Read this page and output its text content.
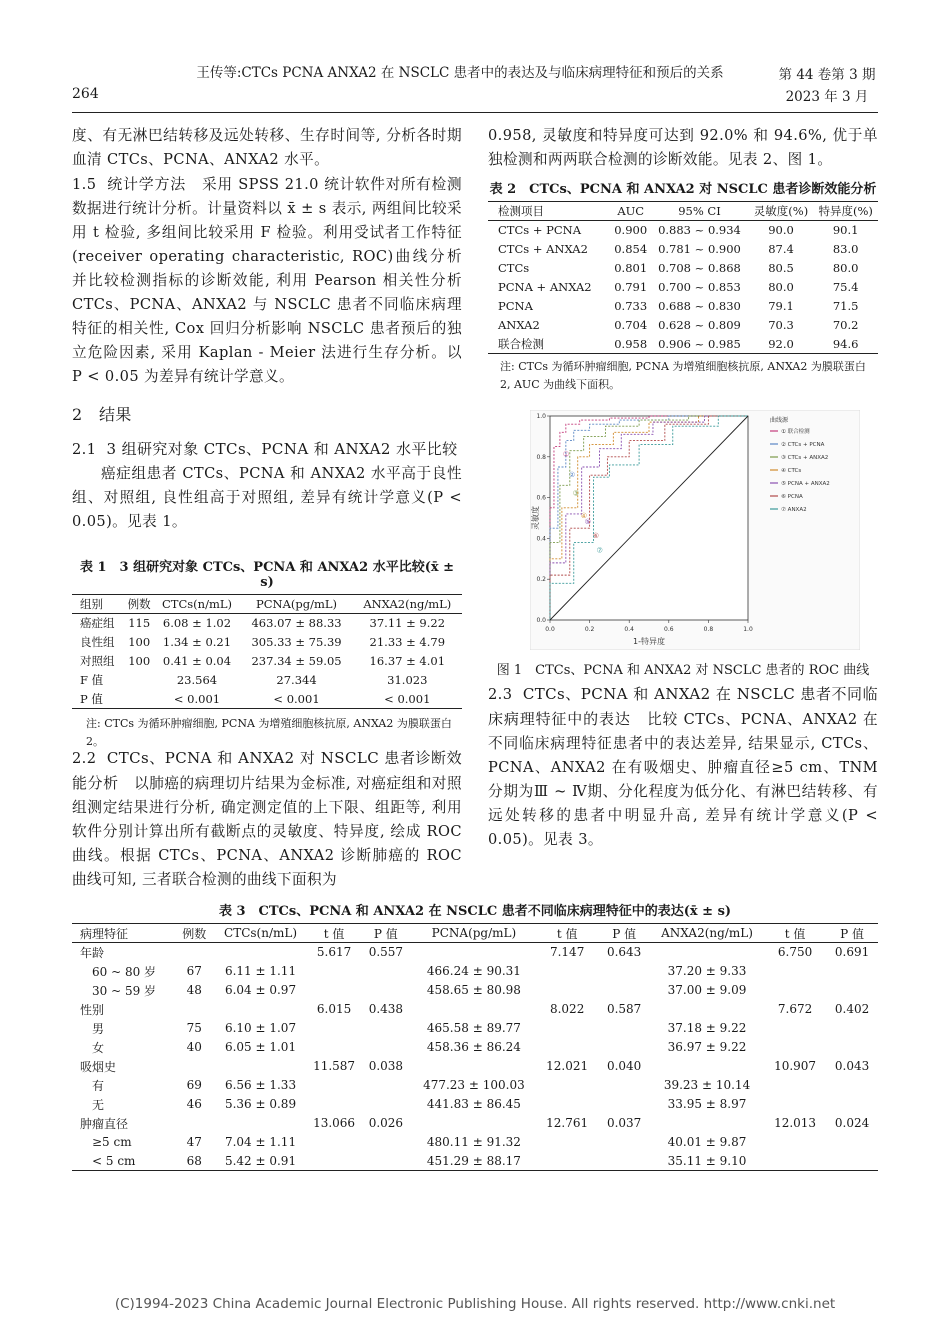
264
王传等:CTCs PCNA ANXA2 在 NSCLC 患者中的表达及与临床病理特征和预后的关系	第 44 卷第 3 期
2023 年 3 月

度、有无淋巴结转移及远处转移、生存时间等, 分析各时期血清 CTCs、PCNA、ANXA2 水平。

1.5 统计学方法 采用 SPSS 21.0 统计软件对所有检测数据进行统计分析。计量资料以 x̄ ± s 表示, 两组间比较采用 t 检验, 多组间比较采用 F 检验。利用受试者工作特征(receiver operating characteristic, ROC)曲线分析并比较检测指标的诊断效能, 利用 Pearson 相关性分析 CTCs、PCNA、ANXA2 与 NSCLC 患者不同临床病理特征的相关性, Cox 回归分析影响 NSCLC 患者预后的独立危险因素, 采用 Kaplan - Meier 法进行生存分析。以 P < 0.05 为差异有统计学意义。

2　结果

2.1 3 组研究对象 CTCs、PCNA 和 ANXA2 水平比较
癌症组患者 CTCs、PCNA 和 ANXA2 水平高于良性组、对照组, 良性组高于对照组, 差异有统计学意义(P < 0.05)。见表 1。

表 1　3 组研究对象 CTCs、PCNA 和 ANXA2 水平比较(x̄ ± s)
组别	例数	CTCs(n/mL)	PCNA(pg/mL)	ANXA2(ng/mL)
癌症组	115	6.08 ± 1.02	463.07 ± 88.33	37.11 ± 9.22
良性组	100	1.34 ± 0.21	305.33 ± 75.39	21.33 ± 4.79
对照组	100	0.41 ± 0.04	237.34 ± 59.05	16.37 ± 4.01
F 值		23.564	27.344	31.023
P 值		< 0.001	< 0.001	< 0.001
注: CTCs 为循环肿瘤细胞, PCNA 为增殖细胞核抗原, ANXA2 为膜联蛋白 2。

2.2 CTCs、PCNA 和 ANXA2 对 NSCLC 患者诊断效能分析 以肺癌的病理切片结果为金标准, 对癌症组和对照组测定结果进行分析, 确定测定值的上下限、组距等, 利用软件分别计算出所有截断点的灵敏度、特异度, 绘成 ROC 曲线。根据 CTCs、PCNA、ANXA2 诊断肺癌的 ROC 曲线可知, 三者联合检测的曲线下面积为

0.958, 灵敏度和特异度可达到 92.0% 和 94.6%, 优于单独检测和两两联合检测的诊断效能。见表 2、图 1。

表 2　CTCs、PCNA 和 ANXA2 对 NSCLC 患者诊断效能分析
检测项目	AUC	95% CI	灵敏度(%)	特异度(%)
CTCs + PCNA	0.900	0.883 ~ 0.934	90.0	90.1
CTCs + ANXA2	0.854	0.781 ~ 0.900	87.4	83.0
CTCs	0.801	0.708 ~ 0.868	80.5	80.0
PCNA + ANXA2	0.791	0.700 ~ 0.853	80.0	75.4
PCNA	0.733	0.688 ~ 0.830	79.1	71.5
ANXA2	0.704	0.628 ~ 0.809	70.3	70.2
联合检测	0.958	0.906 ~ 0.985	92.0	94.6
注: CTCs 为循环肿瘤细胞, PCNA 为增殖细胞核抗原, ANXA2 为膜联蛋白 2, AUC 为曲线下面积。
0.0
0.0
0.2
0.2
0.4
0.4
0.6
0.6
0.8
0.8
1.0
1.0
1-特异度
灵敏度
①
②
③
④
⑤
⑥
⑦
曲线源
① 联合检测
② CTCs + PCNA
③ CTCs + ANXA2
④ CTCs
⑤ PCNA + ANXA2
⑥ PCNA
⑦ ANXA2
图 1　CTCs、PCNA 和 ANXA2 对 NSCLC 患者的 ROC 曲线

2.3 CTCs、PCNA 和 ANXA2 在 NSCLC 患者不同临床病理特征中的表达 比较 CTCs、PCNA、ANXA2 在不同临床病理特征患者中的表达差异, 结果显示, CTCs、PCNA、ANXA2 在有吸烟史、肿瘤直径≥5 cm、TNM 分期为Ⅲ ~ Ⅳ期、分化程度为低分化、有淋巴结转移、有远处转移的患者中明显升高, 差异有统计学意义(P < 0.05)。见表 3。

表 3　CTCs、PCNA 和 ANXA2 在 NSCLC 患者不同临床病理特征中的表达(x̄ ± s)
病理特征	例数	CTCs(n/mL)	t 值	P 值	PCNA(pg/mL)	t 值	P 值	ANXA2(ng/mL)	t 值	P 值
年龄			5.617	0.557		7.147	0.643		6.750	0.691
60 ~ 80 岁	67	6.11 ± 1.11			466.24 ± 90.31			37.20 ± 9.33		
30 ~ 59 岁	48	6.04 ± 0.97			458.65 ± 80.98			37.00 ± 9.09		
性别			6.015	0.438		8.022	0.587		7.672	0.402
男	75	6.10 ± 1.07			465.58 ± 89.77			37.18 ± 9.22		
女	40	6.05 ± 1.01			458.36 ± 86.24			36.97 ± 9.22		
吸烟史			11.587	0.038		12.021	0.040		10.907	0.043
有	69	6.56 ± 1.33			477.23 ± 100.03			39.23 ± 10.14		
无	46	5.36 ± 0.89			441.83 ± 86.45			33.95 ± 8.97		
肿瘤直径			13.066	0.026		12.761	0.037		12.013	0.024
≥5 cm	47	7.04 ± 1.11			480.11 ± 91.32			40.01 ± 9.87		
< 5 cm	68	5.42 ± 0.91			451.29 ± 88.17			35.11 ± 9.10		
(C)1994-2023 China Academic Journal Electronic Publishing House. All rights reserved. http://www.cnki.net
